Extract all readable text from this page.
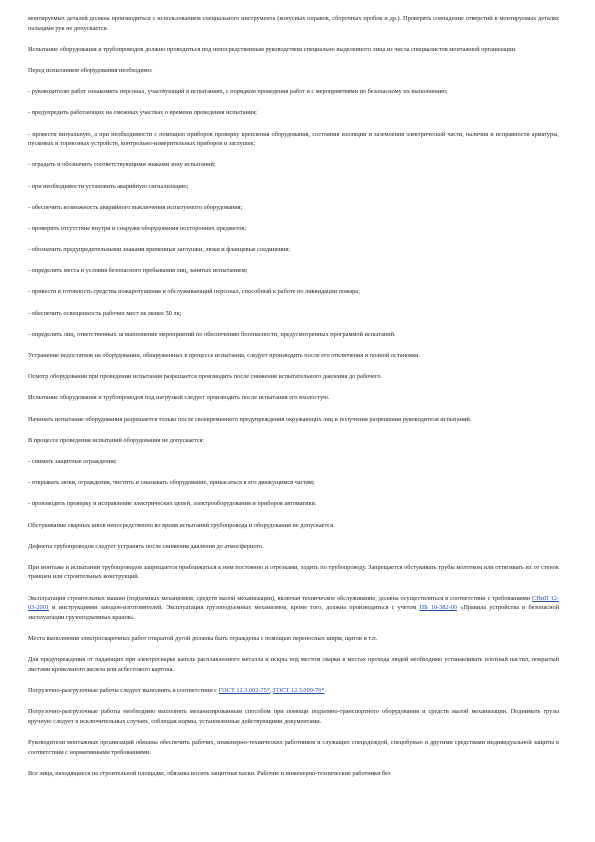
монтируемых деталей должна производиться с использованием специального инструмента (конусных оправок, сборочных пробок и др.). Проверять совпадение отверстий в монтируемых деталях пальцами рук не допускается.

Испытание оборудования и трубопроводов должно проводиться под непосредственным руководством специально выделенного лица из числа специалистов монтажной организации.

Перед испытанием оборудования необходимо:

- руководителю работ ознакомить персонал, участвующий в испытаниях, с порядком проведения работ и с мероприятиями по безопасному их выполнению;

- предупредить работающих на смежных участках о времени проведения испытания;

- провести визуальную, а при необходимости с помощью приборов проверку крепления оборудования, состояния изоляции и заземления электрической части, наличия и исправности арматуры, пусковых и тормозных устройств, контрольно-измерительных приборов и заглушек;

- оградить и обозначить соответствующими знаками зону испытаний;

- при необходимости установить аварийную сигнализацию;

- обеспечить возможность аварийного выключения испытуемого оборудования;

- проверить отсутствие внутри и снаружи оборудования посторонних предметов;

- обозначить предупредительными знаками временные заглушки, люки и фланцевые соединения;

- определить места и условия безопасного пребывания лиц, занятых испытанием;

- привести в готовность средства пожаротушения и обслуживающий персонал, способный к работе по ликвидации пожара;

- обеспечить освещенность рабочих мест не менее 50 лк;

- определить лиц, ответственных за выполнение мероприятий по обеспечению безопасности, предусмотренных программой испытаний.

Устранение недостатков на оборудовании, обнаруженных в процессе испытания, следует производить после его отключения и полной остановки.

Осмотр оборудования при проведении испытания разрешается производить после снижения испытательного давления до рабочего.

Испытание оборудования и трубопроводов под нагрузкой следует производить после испытания его вхолостую.

Начинать испытание оборудования разрешается только после своевременного предупреждения окружающих лиц и получения разрешения руководителя испытаний.

В процессе проведения испытаний оборудования не допускается:

- снимать защитные ограждения;

- открывать люки, ограждения, чистить и смазывать оборудование, прикасаться к его движущимся частям;

- производить проверку и исправление электрических цепей, электрооборудования и приборов автоматики.

Обстукивание сварных швов непосредственно во время испытаний трубопровода и оборудования не допускается.

Дефекты трубопроводов следует устранять после снижения давления до атмосферного.

При монтаже и испытании трубопроводов запрещается приближаться к ним постоянно и отрезками, ходить по трубопроводу. Запрещается обстукивать трубы молотком или оттягивать их от стенок траншеи или строительных конструкций.

Эксплуатация строительных машин (подъемных механизмов, средств малой механизации), включая техническое обслуживание, должна осуществляться в соответствии с требованиями СНиП 12-03-2001 и инструкциями заводов-изготовителей. Эксплуатация грузоподъемных механизмов, кроме того, должна производиться с учетом ПБ 10-382-00 «Правила устройства и безопасной эксплуатации грузоподъемных кранов».

Места выполнения электросварочных работ открытой дугой должны быть ограждены с помощью переносных ширм, щитов и т.п.

Для предупреждения от падающих при электросварке капель расплавленного металла и искры под местом сварки в местах прохода людей необходимо устанавливать плотный настил, покрытый листами кровельного железа или асбестового картона.

Погрузочно-разгрузочные работы следует выполнять в соответствии с ГОСТ 12.3.002-75*, ГОСТ 12.3.009-76*.

Погрузочно-разгрузочные работы необходимо выполнять механизированным способом при помощи подъемно-транспортного оборудования и средств малой механизации. Поднимать грузы вручную следует в исключительных случаях, соблюдая нормы, установленные действующими документами.

Руководители монтажных организаций обязаны обеспечить рабочих, инженерно-технических работников и служащих спецодеждой, спецобувью и другими средствами индивидуальной защиты в соответствии с нормативными требованиями.

Все лица, находящиеся на строительной площадке, обязаны носить защитные каски. Рабочие и инженерно-технические работники без
